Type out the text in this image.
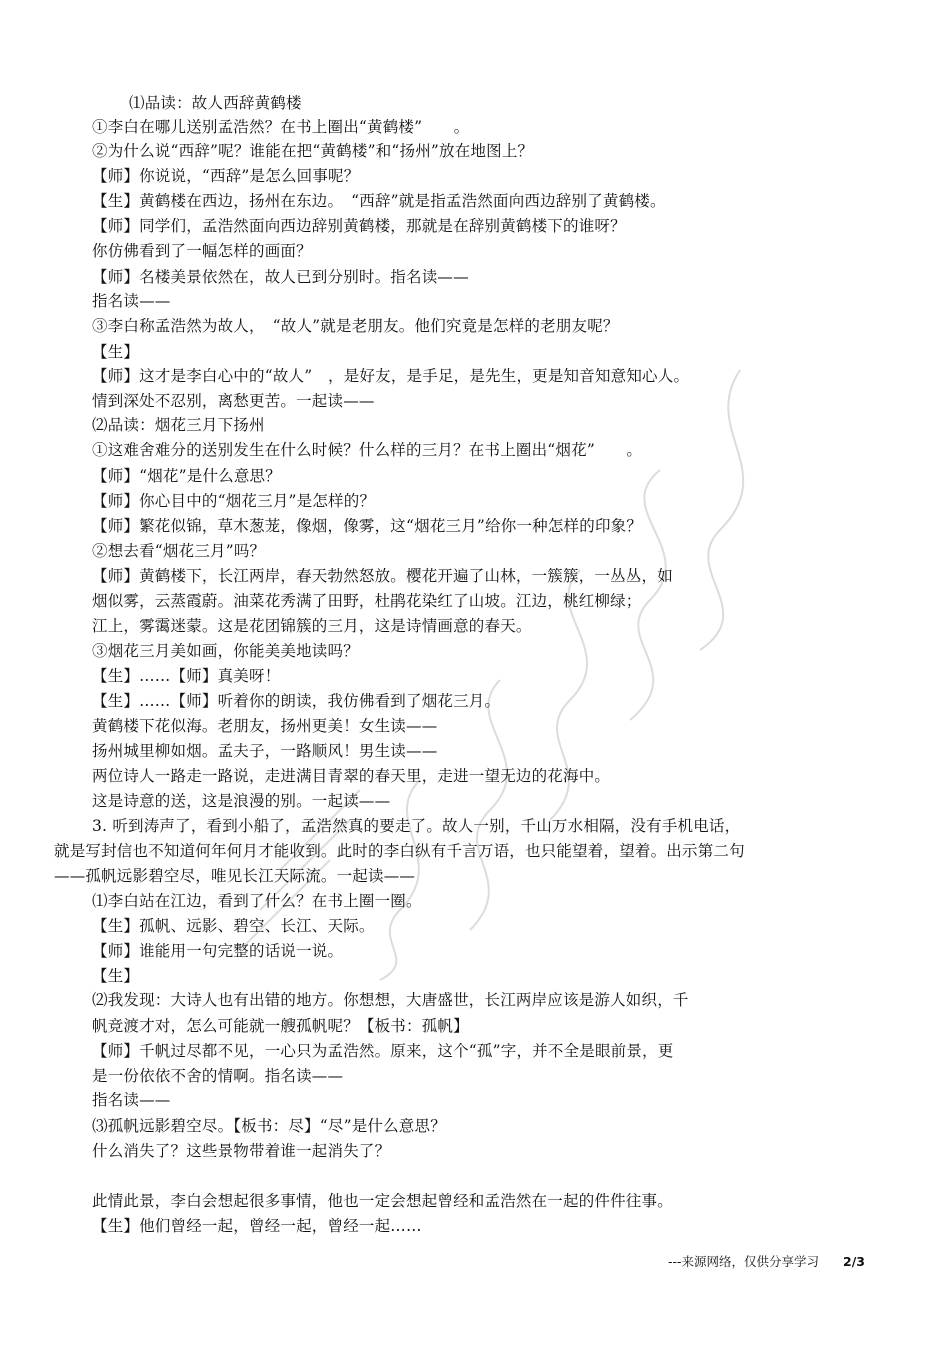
⑴品读：故人西辞黄鹤楼
①李白在哪儿送别孟浩然？在书上圈出“黄鹤楼”　　。
②为什么说“西辞”呢？谁能在把“黄鹤楼”和“扬州”放在地图上？
【师】你说说，“西辞”是怎么回事呢？
【生】黄鹤楼在西边，扬州在东边。　“西辞”就是指孟浩然面向西边辞别了黄鹤楼。
【师】同学们，孟浩然面向西边辞别黄鹤楼，那就是在辞别黄鹤楼下的谁呀？
你仿佛看到了一幅怎样的画面？
【师】名楼美景依然在，故人已到分别时。指名读——
指名读——
③李白称孟浩然为故人，　“故人”就是老朋友。他们究竟是怎样的老朋友呢？
【生】
【师】这才是李白心中的“故人”　，是好友，是手足，是先生，更是知音知意知心人。
情到深处不忍别，离愁更苦。一起读——
⑵品读：烟花三月下扬州
①这难舍难分的送别发生在什么时候？什么样的三月？在书上圈出“烟花”　　。
【师】“烟花”是什么意思？
【师】你心目中的“烟花三月”是怎样的？
【师】繁花似锦，草木葱茏，像烟，像雾，这“烟花三月”给你一种怎样的印象？
②想去看“烟花三月”吗？
【师】黄鹤楼下，长江两岸，春天勃然怒放。樱花开遍了山林，一簇簇，一丛丛，如
烟似雾，云蒸霞蔚。油菜花秀满了田野，杜鹃花染红了山坡。江边，桃红柳绿；
江上，雾霭迷蒙。这是花团锦簇的三月，这是诗情画意的春天。
③烟花三月美如画，你能美美地读吗？
【生】……【师】真美呀！
【生】……【师】听着你的朗读，我仿佛看到了烟花三月。
黄鹤楼下花似海。老朋友，扬州更美！女生读——
扬州城里柳如烟。孟夫子，一路顺风！男生读——
两位诗人一路走一路说，走进满目青翠的春天里，走进一望无边的花海中。
这是诗意的送，这是浪漫的别。一起读——
3. 听到涛声了，看到小船了，孟浩然真的要走了。故人一别，千山万水相隔，没有手机电话，
就是写封信也不知道何年何月才能收到。此时的李白纵有千言万语，也只能望着，望着。出示第二句
——孤帆远影碧空尽，唯见长江天际流。一起读——
⑴李白站在江边，看到了什么？在书上圈一圈。
【生】孤帆、远影、碧空、长江、天际。
【师】谁能用一句完整的话说一说。
【生】
⑵我发现：大诗人也有出错的地方。你想想，大唐盛世，长江两岸应该是游人如织，千
帆竞渡才对，怎么可能就一艘孤帆呢？【板书：孤帆】
【师】千帆过尽都不见，一心只为孟浩然。原来，这个“孤”字，并不全是眼前景，更
是一份依依不舍的情啊。指名读——
指名读——
⑶孤帆远影碧空尽。【板书：尽】“尽”是什么意思？
什么消失了？这些景物带着谁一起消失了？
此情此景，李白会想起很多事情，他也一定会想起曾经和孟浩然在一起的件件往事。
【生】他们曾经一起，曾经一起，曾经一起……
---来源网络，仅供分享学习 2/3
